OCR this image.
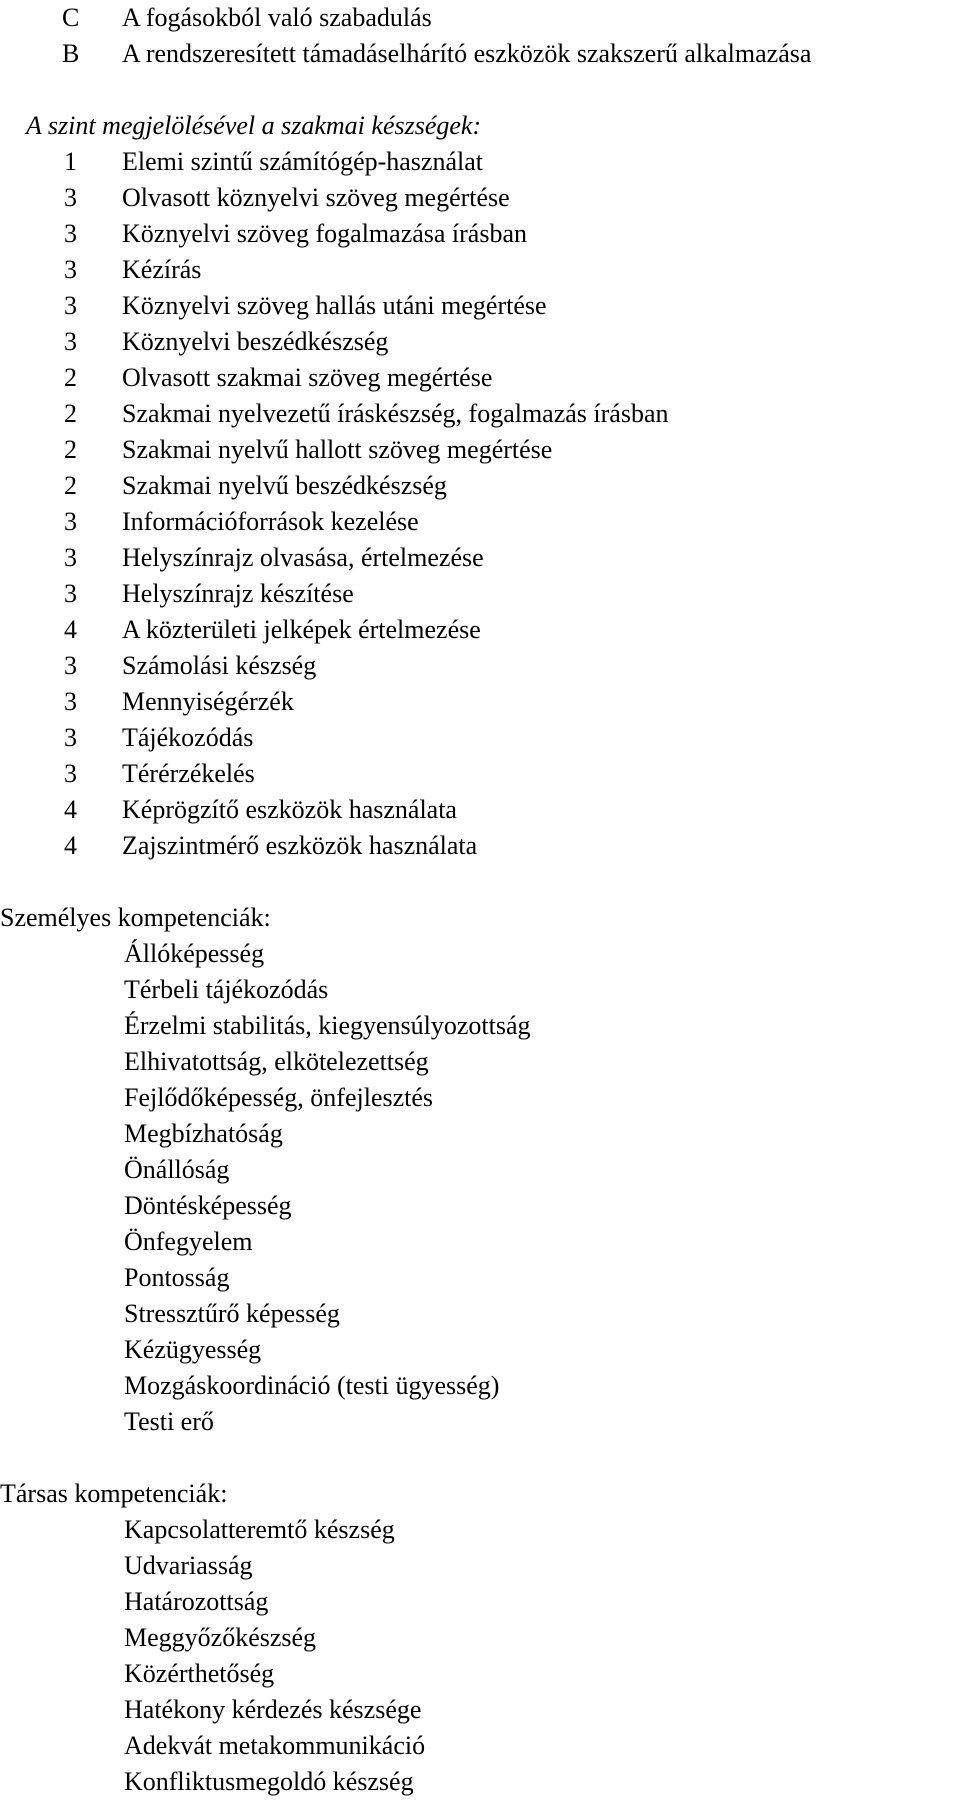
C	A fogásokból való szabadulás
B	A rendszeresített támadáselhárító eszközök szakszerű alkalmazása
A szint megjelölésével a szakmai készségek:
1	Elemi szintű számítógép-használat
3	Olvasott köznyelvi szöveg megértése
3	Köznyelvi szöveg fogalmazása írásban
3	Kézírás
3	Köznyelvi szöveg hallás utáni megértése
3	Köznyelvi beszédkészség
2	Olvasott szakmai szöveg megértése
2	Szakmai nyelvezetű íráskészség, fogalmazás írásban
2	Szakmai nyelvű hallott szöveg megértése
2	Szakmai nyelvű beszédkészség
3	Információforrások kezelése
3	Helyszínrajz olvasása, értelmezése
3	Helyszínrajz készítése
4	A közterületi jelképek értelmezése
3	Számolási készség
3	Mennyiségérzék
3	Tájékozódás
3	Térérzékelés
4	Képrögzítő eszközök használata
4	Zajszintmérő eszközök használata
Személyes kompetenciák:
Állóképesség
Térbeli tájékozódás
Érzelmi stabilitás, kiegyensúlyozottság
Elhivatottság, elkötelezettség
Fejlődőképesség, önfejlesztés
Megbízhatóság
Önállóság
Döntésképesség
Önfegyelem
Pontosság
Stressztűrő képesség
Kézügyesség
Mozgáskoordináció (testi ügyesség)
Testi erő
Társas kompetenciák:
Kapcsolatteremtő készség
Udvariasság
Határozottság
Meggyőzőkészség
Közérthetőség
Hatékony kérdezés készsége
Adekvát metakommunikáció
Konfliktusmegoldó készség
